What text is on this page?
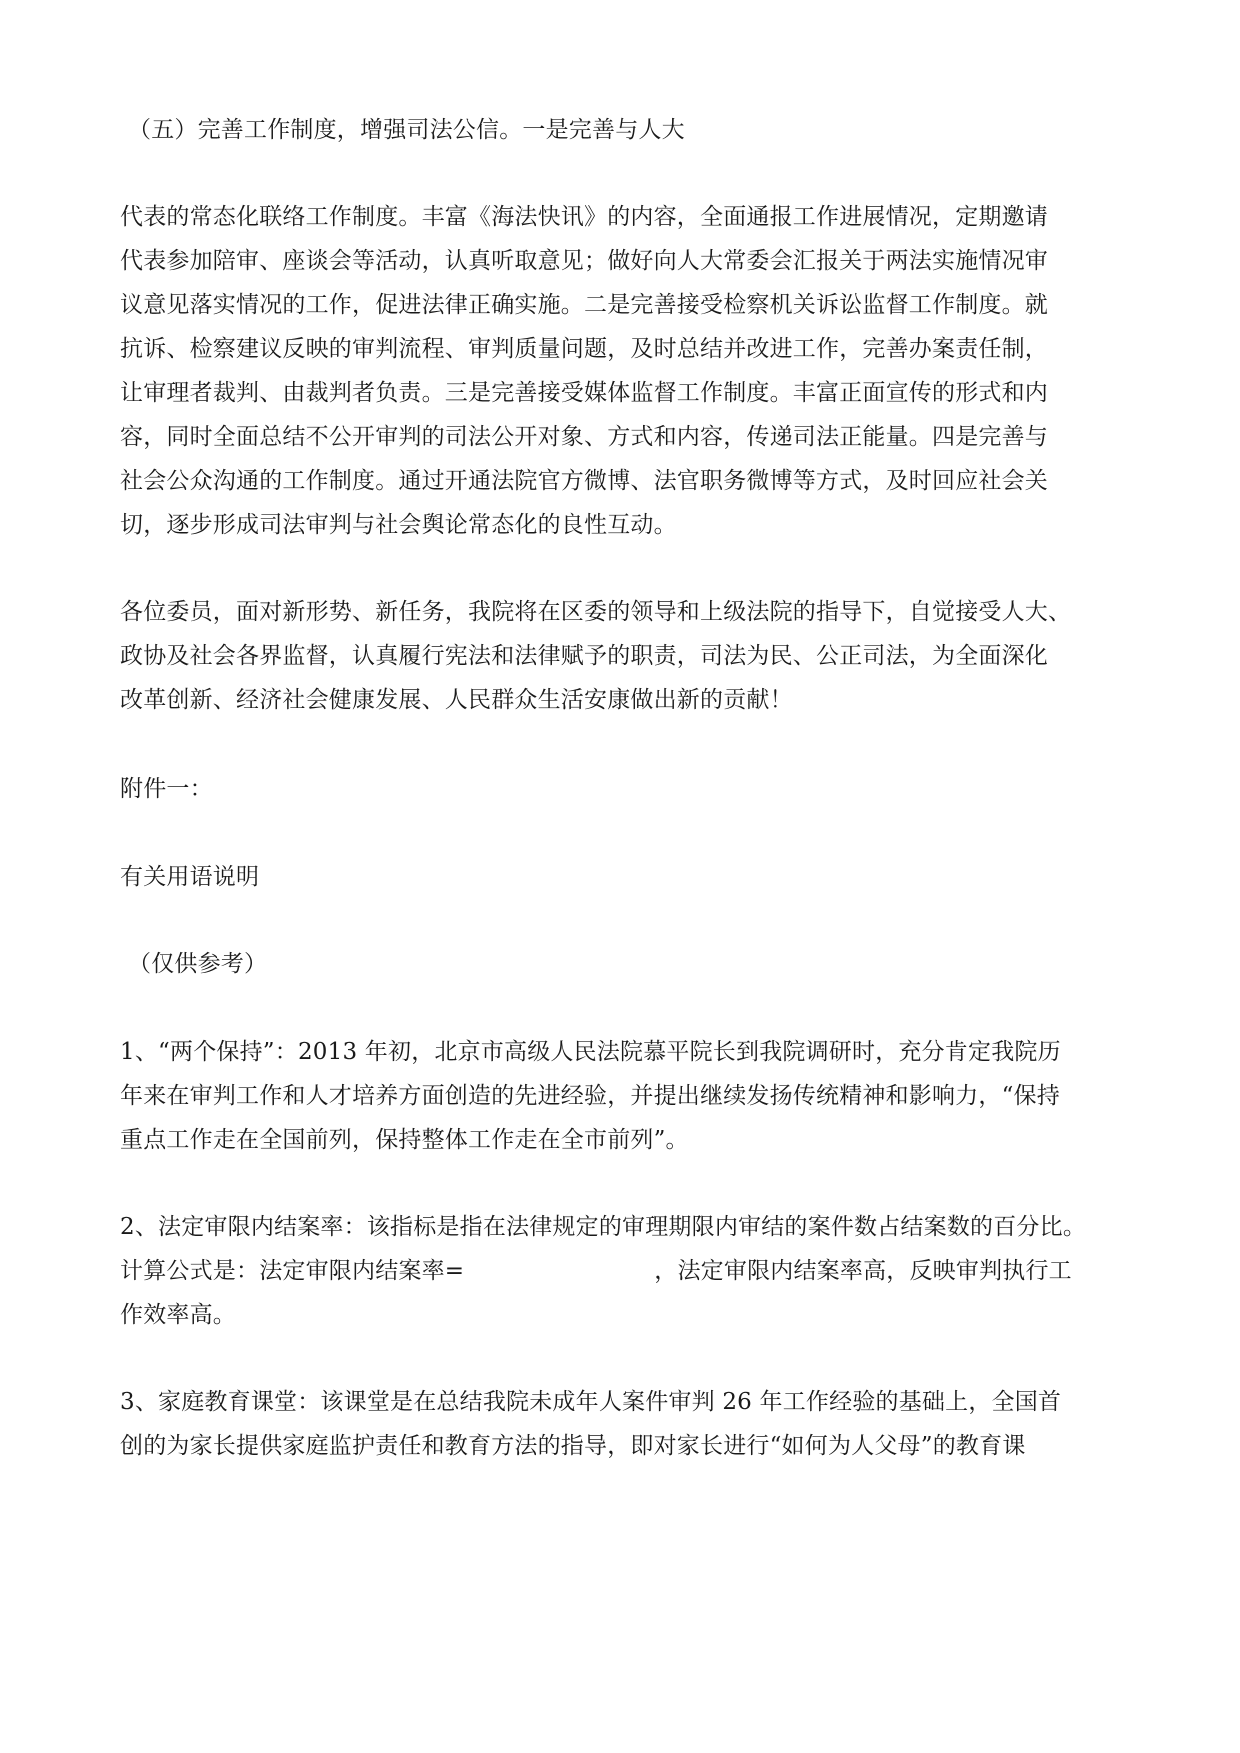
（五）完善工作制度，增强司法公信。一是完善与人大
代表的常态化联络工作制度。丰富《海法快讯》的内容，全面通报工作进展情况，定期邀请
代表参加陪审、座谈会等活动，认真听取意见；做好向人大常委会汇报关于两法实施情况审
议意见落实情况的工作，促进法律正确实施。二是完善接受检察机关诉讼监督工作制度。就
抗诉、检察建议反映的审判流程、审判质量问题，及时总结并改进工作，完善办案责任制，
让审理者裁判、由裁判者负责。三是完善接受媒体监督工作制度。丰富正面宣传的形式和内
容，同时全面总结不公开审判的司法公开对象、方式和内容，传递司法正能量。四是完善与
社会公众沟通的工作制度。通过开通法院官方微博、法官职务微博等方式，及时回应社会关
切，逐步形成司法审判与社会舆论常态化的良性互动。
各位委员，面对新形势、新任务，我院将在区委的领导和上级法院的指导下，自觉接受人大、
政协及社会各界监督，认真履行宪法和法律赋予的职责，司法为民、公正司法，为全面深化
改革创新、经济社会健康发展、人民群众生活安康做出新的贡献！
附件一：
有关用语说明
（仅供参考）
1、“两个保持”：2013 年初，北京市高级人民法院慕平院长到我院调研时，充分肯定我院历
年来在审判工作和人才培养方面创造的先进经验，并提出继续发扬传统精神和影响力，“保持
重点工作走在全国前列，保持整体工作走在全市前列”。
2、法定审限内结案率：该指标是指在法律规定的审理期限内审结的案件数占结案数的百分比。
计算公式是：法定审限内结案率=	，法定审限内结案率高，反映审判执行工
作效率高。
3、家庭教育课堂：该课堂是在总结我院未成年人案件审判 26 年工作经验的基础上，全国首
创的为家长提供家庭监护责任和教育方法的指导，即对家长进行“如何为人父母”的教育课
